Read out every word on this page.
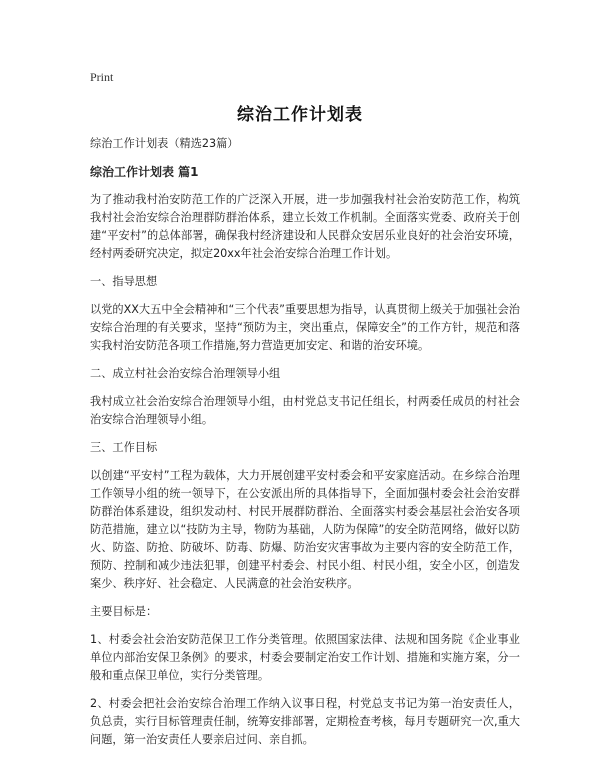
Print
综治工作计划表
综治工作计划表（精选23篇）
综治工作计划表 篇1
为了推动我村治安防范工作的广泛深入开展，进一步加强我村社会治安防范工作，构筑我村社会治安综合治理群防群治体系，建立长效工作机制。全面落实党委、政府关于创建“平安村”的总体部署，确保我村经济建设和人民群众安居乐业良好的社会治安环境，经村两委研究决定，拟定20xx年社会治安综合治理工作计划。
一、指导思想
以党的XX大五中全会精神和“三个代表”重要思想为指导，认真贯彻上级关于加强社会治安综合治理的有关要求，坚持“预防为主，突出重点，保障安全”的工作方针，规范和落实我村治安防范各项工作措施,努力营造更加安定、和谐的治安环境。
二、成立村社会治安综合治理领导小组
我村成立社会治安综合治理领导小组，由村党总支书记任组长，村两委任成员的村社会治安综合治理领导小组。
三、工作目标
以创建“平安村”工程为载体，大力开展创建平安村委会和平安家庭活动。在乡综合治理工作领导小组的统一领导下，在公安派出所的具体指导下，全面加强村委会社会治安群防群治体系建设，组织发动村、村民开展群防群治、全面落实村委会基层社会治安各项防范措施，建立以“技防为主导，物防为基础，人防为保障”的安全防范网络，做好以防火、防盗、防抢、防破坏、防毒、防爆、防治安灾害事故为主要内容的安全防范工作，预防、控制和减少违法犯罪，创建平村委会、村民小组、村民小组，安全小区，创造发案少、秩序好、社会稳定、人民满意的社会治安秩序。
主要目标是：
1、村委会社会治安防范保卫工作分类管理。依照国家法律、法规和国务院《企业事业单位内部治安保卫条例》的要求，村委会要制定治安工作计划、措施和实施方案，分一般和重点保卫单位，实行分类管理。
2、村委会把社会治安综合治理工作纳入议事日程，村党总支书记为第一治安责任人，负总责，实行目标管理责任制，统筹安排部署，定期检查考核，每月专题研究一次,重大问题，第一治安责任人要亲启过问、亲自抓。
